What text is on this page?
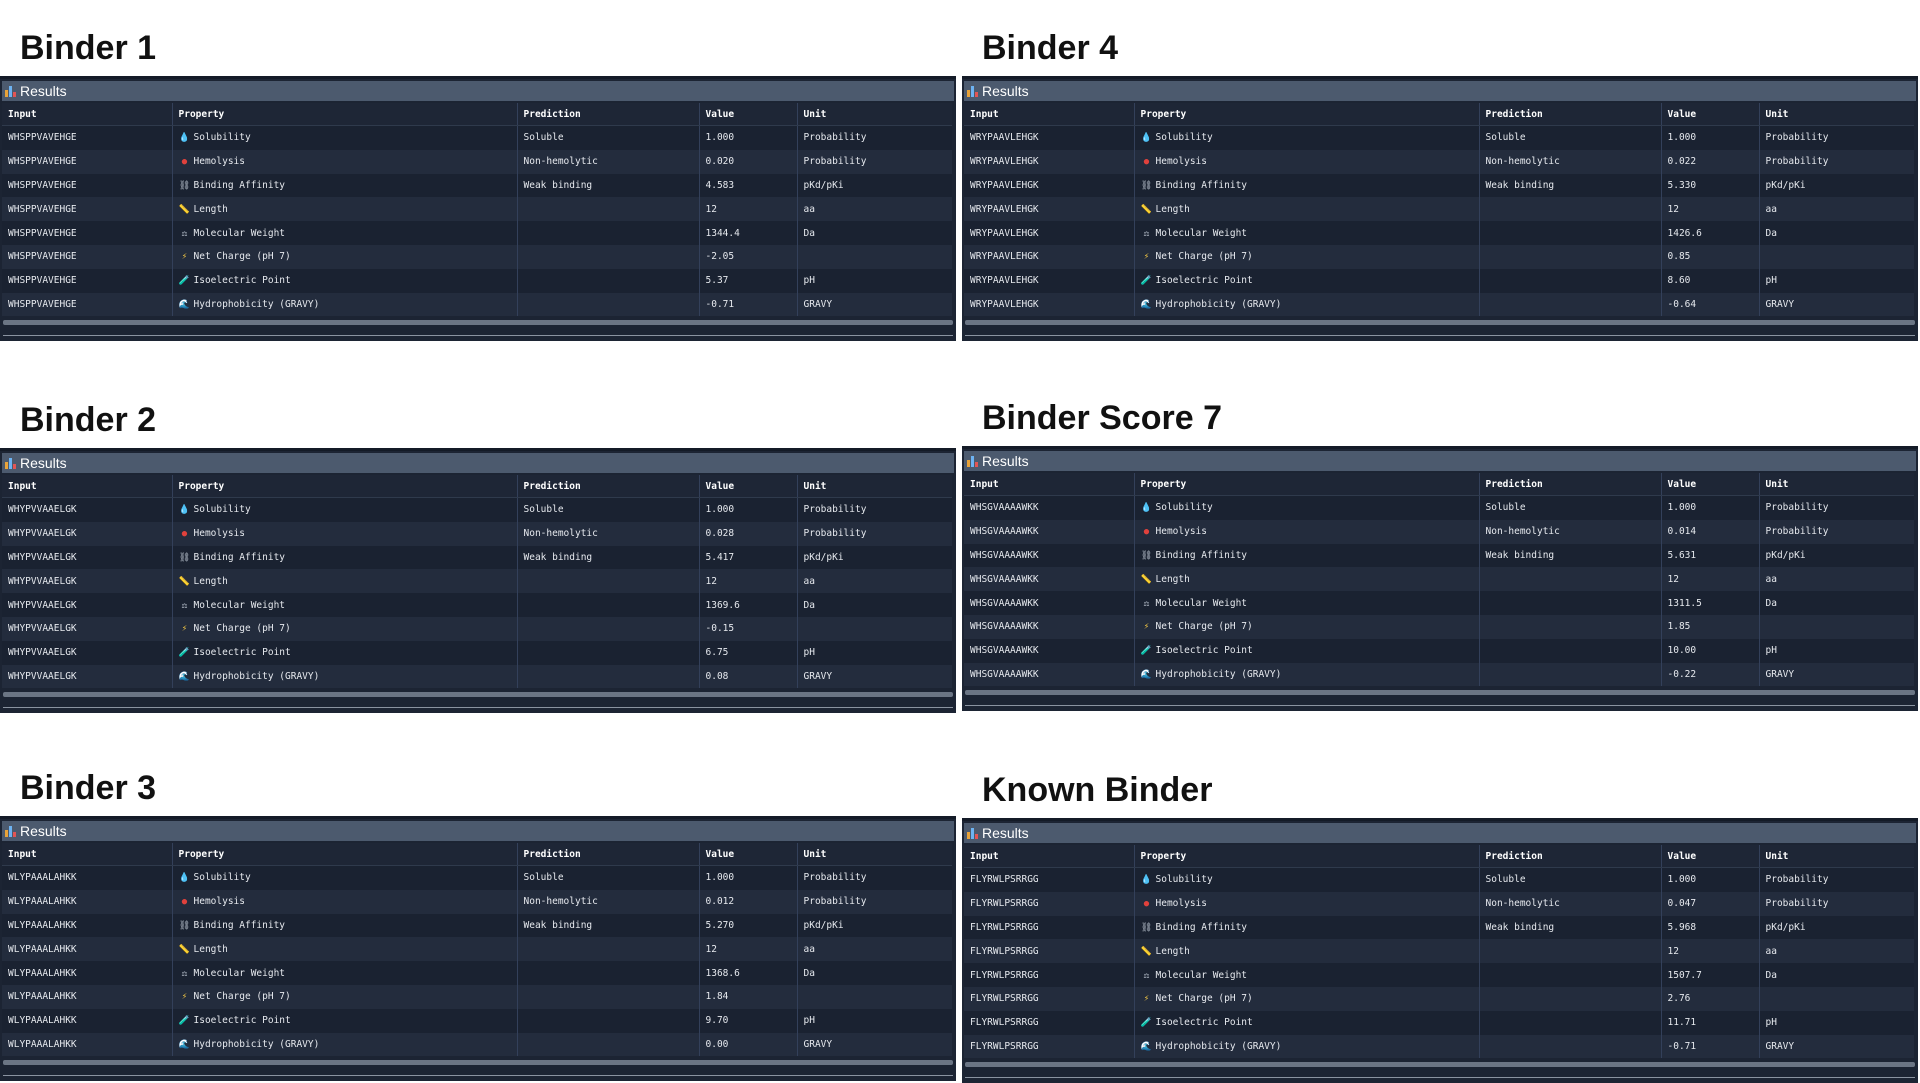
Binder 1
Results
Input	Property	Prediction	Value	Unit
WHSPPVAVEHGE	💧 Solubility	Soluble	1.000	Probability
WHSPPVAVEHGE	● Hemolysis	Non-hemolytic	0.020	Probability
WHSPPVAVEHGE	⛓ Binding Affinity	Weak binding	4.583	pKd/pKi
WHSPPVAVEHGE	📏 Length		12	aa
WHSPPVAVEHGE	⚖ Molecular Weight		1344.4	Da
WHSPPVAVEHGE	⚡ Net Charge (pH 7)		-2.05	
WHSPPVAVEHGE	🧪 Isoelectric Point		5.37	pH
WHSPPVAVEHGE	🌊 Hydrophobicity (GRAVY)		-0.71	GRAVY
Binder 4
Results
Input	Property	Prediction	Value	Unit
WRYPAAVLEHGK	💧 Solubility	Soluble	1.000	Probability
WRYPAAVLEHGK	● Hemolysis	Non-hemolytic	0.022	Probability
WRYPAAVLEHGK	⛓ Binding Affinity	Weak binding	5.330	pKd/pKi
WRYPAAVLEHGK	📏 Length		12	aa
WRYPAAVLEHGK	⚖ Molecular Weight		1426.6	Da
WRYPAAVLEHGK	⚡ Net Charge (pH 7)		0.85	
WRYPAAVLEHGK	🧪 Isoelectric Point		8.60	pH
WRYPAAVLEHGK	🌊 Hydrophobicity (GRAVY)		-0.64	GRAVY
Binder 2
Results
Input	Property	Prediction	Value	Unit
WHYPVVAAELGK	💧 Solubility	Soluble	1.000	Probability
WHYPVVAAELGK	● Hemolysis	Non-hemolytic	0.028	Probability
WHYPVVAAELGK	⛓ Binding Affinity	Weak binding	5.417	pKd/pKi
WHYPVVAAELGK	📏 Length		12	aa
WHYPVVAAELGK	⚖ Molecular Weight		1369.6	Da
WHYPVVAAELGK	⚡ Net Charge (pH 7)		-0.15	
WHYPVVAAELGK	🧪 Isoelectric Point		6.75	pH
WHYPVVAAELGK	🌊 Hydrophobicity (GRAVY)		0.08	GRAVY
Binder Score 7
Results
Input	Property	Prediction	Value	Unit
WHSGVAAAAWKK	💧 Solubility	Soluble	1.000	Probability
WHSGVAAAAWKK	● Hemolysis	Non-hemolytic	0.014	Probability
WHSGVAAAAWKK	⛓ Binding Affinity	Weak binding	5.631	pKd/pKi
WHSGVAAAAWKK	📏 Length		12	aa
WHSGVAAAAWKK	⚖ Molecular Weight		1311.5	Da
WHSGVAAAAWKK	⚡ Net Charge (pH 7)		1.85	
WHSGVAAAAWKK	🧪 Isoelectric Point		10.00	pH
WHSGVAAAAWKK	🌊 Hydrophobicity (GRAVY)		-0.22	GRAVY
Binder 3
Results
Input	Property	Prediction	Value	Unit
WLYPAAALAHKK	💧 Solubility	Soluble	1.000	Probability
WLYPAAALAHKK	● Hemolysis	Non-hemolytic	0.012	Probability
WLYPAAALAHKK	⛓ Binding Affinity	Weak binding	5.270	pKd/pKi
WLYPAAALAHKK	📏 Length		12	aa
WLYPAAALAHKK	⚖ Molecular Weight		1368.6	Da
WLYPAAALAHKK	⚡ Net Charge (pH 7)		1.84	
WLYPAAALAHKK	🧪 Isoelectric Point		9.70	pH
WLYPAAALAHKK	🌊 Hydrophobicity (GRAVY)		0.00	GRAVY
Known Binder
Results
Input	Property	Prediction	Value	Unit
FLYRWLPSRRGG	💧 Solubility	Soluble	1.000	Probability
FLYRWLPSRRGG	● Hemolysis	Non-hemolytic	0.047	Probability
FLYRWLPSRRGG	⛓ Binding Affinity	Weak binding	5.968	pKd/pKi
FLYRWLPSRRGG	📏 Length		12	aa
FLYRWLPSRRGG	⚖ Molecular Weight		1507.7	Da
FLYRWLPSRRGG	⚡ Net Charge (pH 7)		2.76	
FLYRWLPSRRGG	🧪 Isoelectric Point		11.71	pH
FLYRWLPSRRGG	🌊 Hydrophobicity (GRAVY)		-0.71	GRAVY
